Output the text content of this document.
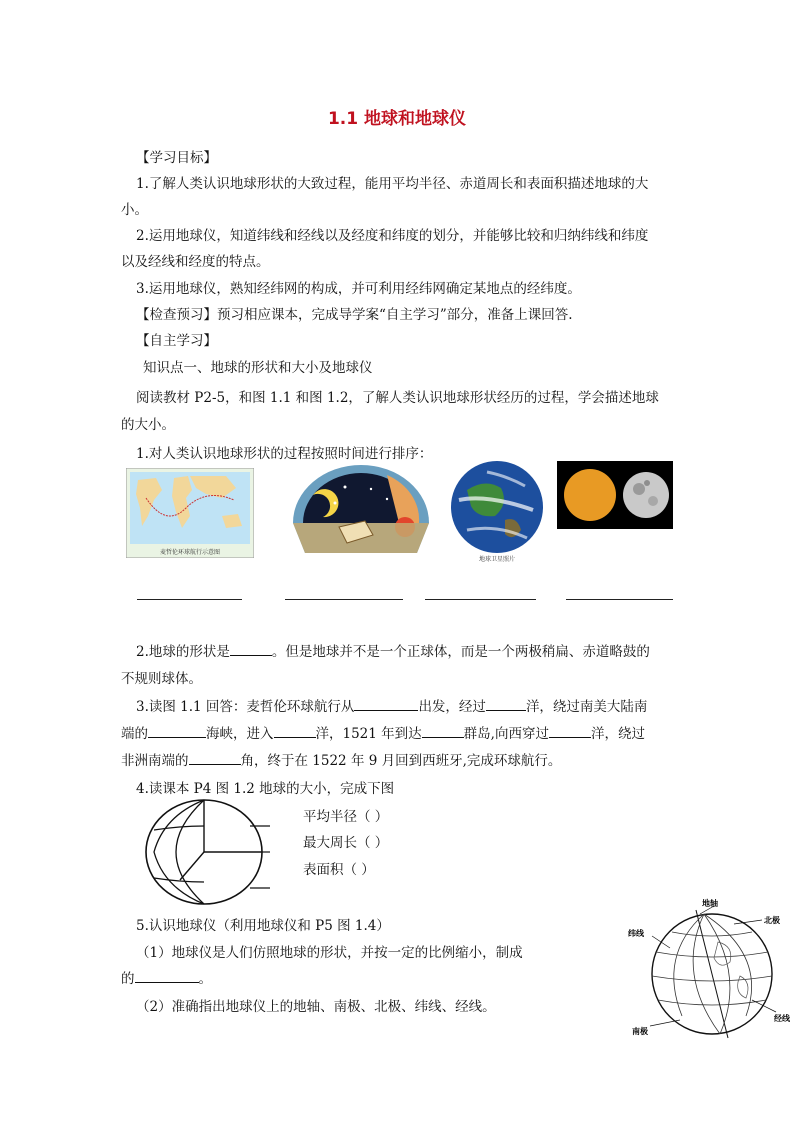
1.1 地球和地球仪
【学习目标】
1.了解人类认识地球形状的大致过程，能用平均半径、赤道周长和表面积描述地球的大
小。
2.运用地球仪，知道纬线和经线以及经度和纬度的划分，并能够比较和归纳纬线和纬度
以及经线和经度的特点。
3.运用地球仪，熟知经纬网的构成，并可利用经纬网确定某地点的经纬度。
【检查预习】预习相应课本，完成导学案“自主学习”部分，准备上课回答.
【自主学习】
知识点一、地球的形状和大小及地球仪
阅读教材 P2-5，和图 1.1 和图 1.2，了解人类认识地球形状经历的过程，学会描述地球
的大小。
1.对人类认识地球形状的过程按照时间进行排序：
麦哲伦环球航行示意图
地球卫星照片
2.地球的形状是	。但是地球并不是一个正球体，而是一个两极稍扁、赤道略鼓的
不规则球体。
3.读图 1.1 回答：麦哲伦环球航行从	出发，经过	洋，绕过南美大陆南
端的	海峡，进入	洋，1521 年到达	群岛,向西穿过	洋，绕过
非洲南端的	角，终于在 1522 年 9 月回到西班牙,完成环球航行。
4.读课本 P4 图 1.2 地球的大小，完成下图
平均半径（ ）
最大周长（ ）
表面积（ ）
5.认识地球仪（利用地球仪和 P5 图 1.4）
（1）地球仪是人们仿照地球的形状，并按一定的比例缩小，制成
的	。
（2）准确指出地球仪上的地轴、南极、北极、纬线、经线。
地轴
北极
纬线
南极
经线
